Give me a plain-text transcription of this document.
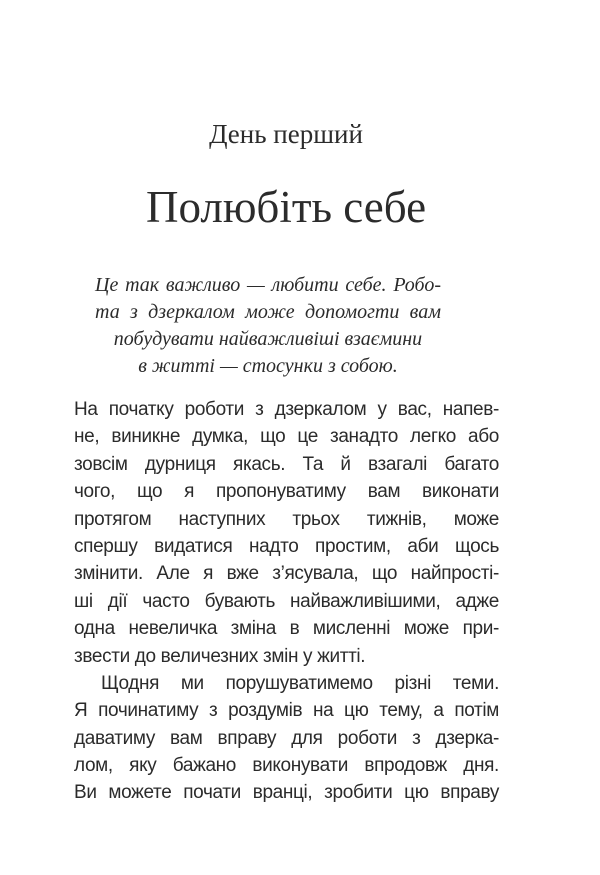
День перший
Полюбіть себе
Це так важливо — любити себе. Робо-
та з дзеркалом може допомогти вам
побудувати найважливіші взаємини
в житті — стосунки з собою.
На початку роботи з дзеркалом у вас, напев-
не, виникне думка, що це занадто легко або
зовсім дурниця якась. Та й взагалі багато
чого, що я пропонуватиму вам виконати
протягом наступних трьох тижнів, може
спершу видатися надто простим, аби щось
змінити. Але я вже з’ясувала, що найпрості-
ші дії часто бувають найважливішими, адже
одна невеличка зміна в мисленні може при-
звести до величезних змін у житті.
Щодня ми порушуватимемо різні теми.
Я починатиму з роздумів на цю тему, а потім
даватиму вам вправу для роботи з дзеркa-
лом, яку бажано виконувати впродовж дня.
Ви можете почати вранці, зробити цю вправу
